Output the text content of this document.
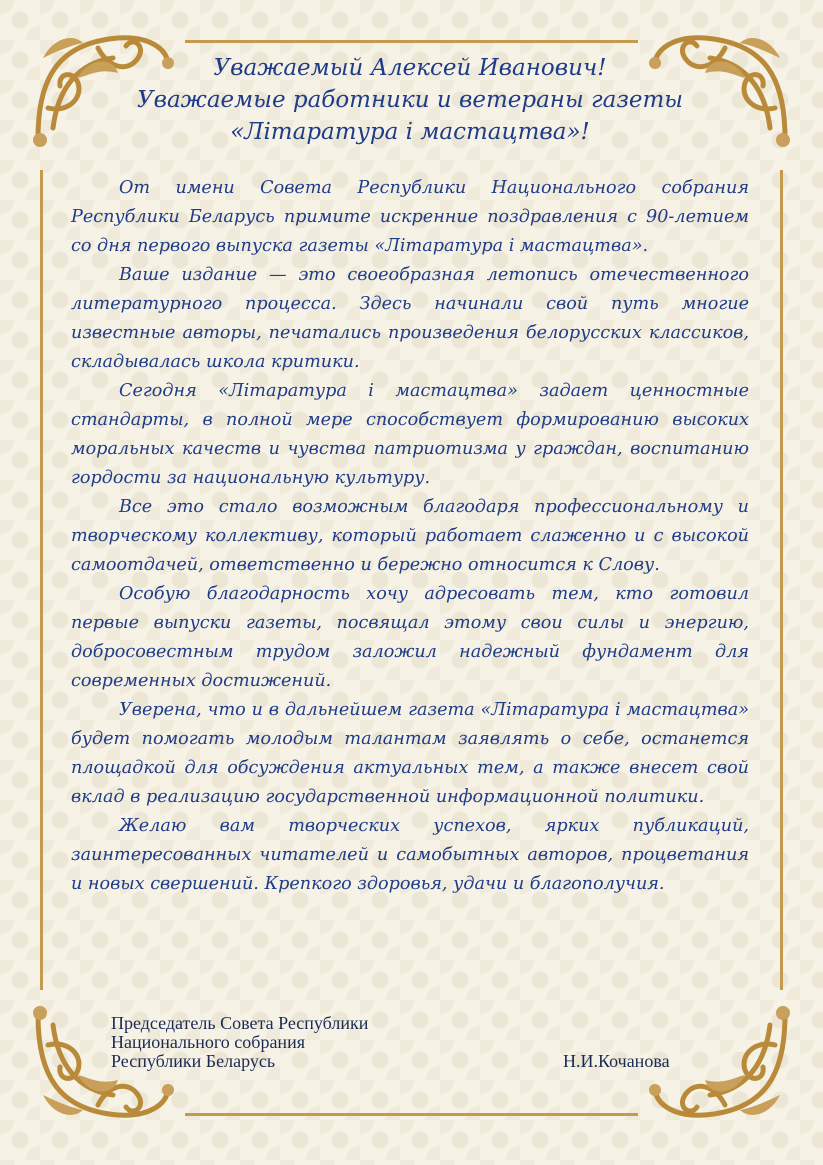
Уважаемый Алексей Иванович!
Уважаемые работники и ветераны газеты
«Літаратура і мастацтва»!

От имени Совета Республики Национального собрания Республики Беларусь примите искренние поздравления с 90-летием со дня первого выпуска газеты «Літаратура і мастацтва».

Ваше издание — это своеобразная летопись отечественного литературного процесса. Здесь начинали свой путь многие известные авторы, печатались произведения белорусских классиков, складывалась школа критики.

Сегодня «Літаратура і мастацтва» задает ценностные стандарты, в полной мере способствует формированию высоких моральных качеств и чувства патриотизма у граждан, воспитанию гордости за национальную культуру.

Все это стало возможным благодаря профессиональному и творческому коллективу, который работает слаженно и с высокой самоотдачей, ответственно и бережно относится к Слову.

Особую благодарность хочу адресовать тем, кто готовил первые выпуски газеты, посвящал этому свои силы и энергию, добросовестным трудом заложил надежный фундамент для современных достижений.

Уверена, что и в дальнейшем газета «Літаратура і мастацтва» будет помогать молодым талантам заявлять о себе, останется площадкой для обсуждения актуальных тем, а также внесет свой вклад в реализацию государственной информационной политики.

Желаю вам творческих успехов, ярких публикаций, заинтересованных читателей и самобытных авторов, процветания и новых свершений. Крепкого здоровья, удачи и благополучия.

Председатель Совета Республики
Национального собрания
Республики Беларусь	Н.И.Кочанова
